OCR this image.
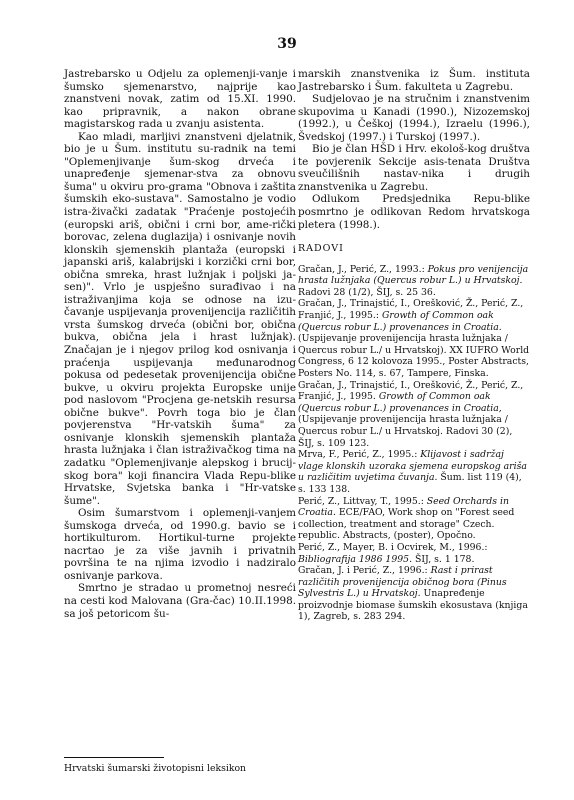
39

Jastrebarsko u Odjelu za oplemenji-vanje i šumsko sjemenarstvo, najprije kao znanstveni novak, zatim od 15.XI. 1990. kao pripravnik, a nakon obrane magistarskog rada u zvanju asistenta.

Kao mladi, marljivi znanstveni djelatnik, bio je u Šum. institutu su-radnik na temi "Oplemenjivanje šum-skog drveća i unapređenje sjemenar-stva za obnovu šuma" u okviru pro-grama "Obnova i zaštita šumskih eko-sustava". Samostalno je vodio istra-živački zadatak "Praćenje postojećih (europski ariš, obični i crni bor, ame-rički borovac, zelena duglazija) i osnivanje novih klonskih sjemenskih plantaža (europski i japanski ariš, kalabrijski i korzički crni bor, obična smreka, hrast lužnjak i poljski ja-sen)". Vrlo je uspješno surađivao i na istraživanjima koja se odnose na izu-čavanje uspijevanja provenijencija različitih vrsta šumskog drveća (obični bor, obična bukva, obična jela i hrast lužnjak). Značajan je i njegov prilog kod osnivanja i praćenja uspijevanja međunarodnog pokusa od pedesetak provenijencija obične bukve, u okviru projekta Europske unije pod naslovom "Procjena ge-netskih resursa obične bukve". Povrh toga bio je član povjerenstva "Hr-vatskih šuma" za osnivanje klonskih sjemenskih plantaža hrasta lužnjaka i član istraživačkog tima na zadatku "Oplemenjivanje alepskog i brucij-skog bora" koji financira Vlada Repu-blike Hrvatske, Svjetska banka i "Hr-vatske šume".

Osim šumarstvom i oplemenji-vanjem šumskoga drveća, od 1990.g. bavio se i hortikulturom. Hortikul-turne projekte nacrtao je za više javnih i privatnih površina te na njima izvodio i nadziralo osnivanje parkova.

Smrtno je stradao u prometnoj nesreći na cesti kod Malovana (Gra-čac) 10.II.1998. sa još petoricom šu-

marskih znanstvenika iz Šum. instituta Jastrebarsko i Šum. fakulteta u Zagrebu.

Sudjelovao je na stručnim i znanstvenim skupovima u Kanadi (1990.), Nizozemskoj (1992.), u Češkoj (1994.), Izraelu (1996.), Švedskoj (1997.) i Turskoj (1997.).

Bio je član HŠD i Hrv. ekološ-kog društva te povjerenik Sekcije asis-tenata Društva sveučilišnih nastav-nika i drugih znanstvenika u Zagrebu.

Odlukom Predsjednika Repu-blike posmrtno je odlikovan Redom hrvatskoga pletera (1998.).

RADOVI

Gračan, J., Perić, Z., 1993.: Pokus pro venijencija hrasta lužnjaka (Quercus robur L.) u Hrvatskoj. Radovi 28 (1/2), ŠIJ, s. 25 36.

Gračan, J., Trinajstić, I., Orešković, Ž., Perić, Z., Franjić, J., 1995.: Growth of Common oak (Quercus robur L.) provenances in Croatia. (Uspijevanje provenijencija hrasta lužnjaka / Quercus robur L./ u Hrvatskoj). XX IUFRO World Congress, 6 12 kolovoza 1995., Poster Abstracts, Posters No. 114, s. 67, Tampere, Finska.

Gračan, J., Trinajstić, I., Orešković, Ž., Perić, Z., Franjić, J., 1995. Growth of Common oak (Quercus robur L.) provenances in Croatia, (Uspijevanje provenijencija hrasta lužnjaka / Quercus robur L./ u Hrvatskoj. Radovi 30 (2), ŠIJ, s. 109 123.

Mrva, F., Perić, Z., 1995.: Klijavost i sadržaj vlage klonskih uzoraka sjemena europskog ariša u različitim uvjetima čuvanja. Šum. list 119 (4), s. 133 138.

Perić, Z., Littvay, T., 1995.: Seed Orchards in Croatia. ECE/FAO, Work shop on "Forest seed collection, treatment and storage" Czech. republic. Abstracts, (poster), Opočno.

Perić, Z., Mayer, B. i Ocvirek, M., 1996.: Bibliografija 1986 1995. ŠIJ, s. 1 178.

Gračan, J. i Perić, Z., 1996.: Rast i prirast različitih provenijencija običnog bora (Pinus Sylvestris L.) u Hrvatskoj. Unapređenje proizvodnje biomase šumskih ekosustava (knjiga 1), Zagreb, s. 283 294.

Hrvatski šumarski životopisni leksikon
